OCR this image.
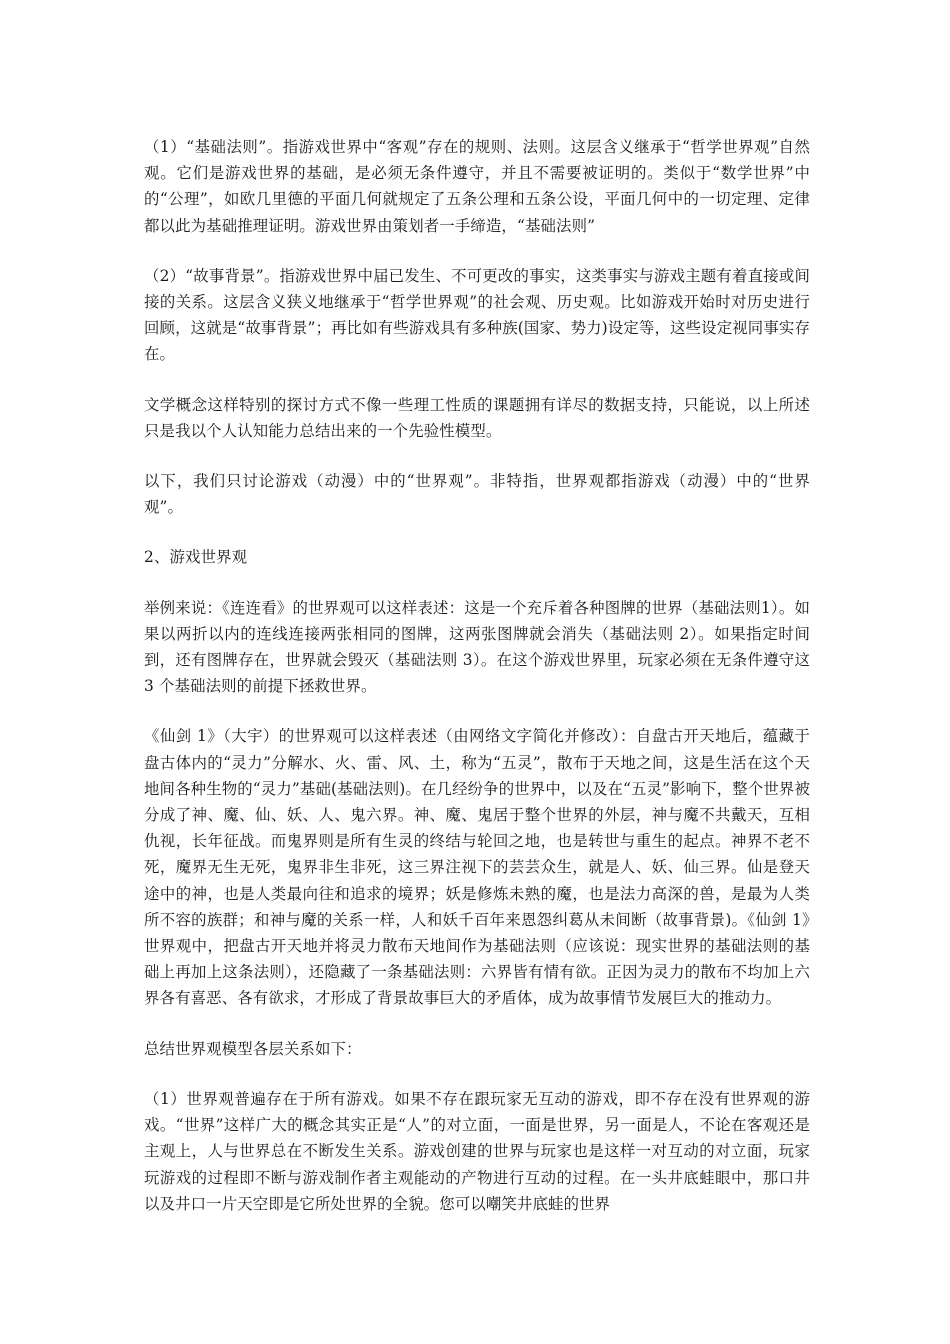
（1）“基础法则”。指游戏世界中“客观”存在的规则、法则。这层含义继承于“哲学世界观”自然观。它们是游戏世界的基础，是必须无条件遵守，并且不需要被证明的。类似于“数学世界”中的“公理”，如欧几里德的平面几何就规定了五条公理和五条公设，平面几何中的一切定理、定律都以此为基础推理证明。游戏世界由策划者一手缔造，“基础法则”

（2）“故事背景”。指游戏世界中届已发生、不可更改的事实，这类事实与游戏主题有着直接或间接的关系。这层含义狭义地继承于“哲学世界观”的社会观、历史观。比如游戏开始时对历史进行回顾，这就是“故事背景”；再比如有些游戏具有多种族(国家、势力)设定等，这些设定视同事实存在。

文学概念这样特别的探讨方式不像一些理工性质的课题拥有详尽的数据支持，只能说，以上所述只是我以个人认知能力总结出来的一个先验性模型。

以下，我们只讨论游戏（动漫）中的“世界观”。非特指，世界观都指游戏（动漫）中的“世界观”。

2、游戏世界观

举例来说：《连连看》的世界观可以这样表述：这是一个充斥着各种图牌的世界（基础法则1）。如果以两折以内的连线连接两张相同的图牌，这两张图牌就会消失（基础法则 2）。如果指定时间到，还有图牌存在，世界就会毁灭（基础法则 3）。在这个游戏世界里，玩家必须在无条件遵守这 3 个基础法则的前提下拯救世界。

《仙剑 1》（大宇）的世界观可以这样表述（由网络文字简化并修改）：自盘古开天地后，蕴藏于盘古体内的“灵力”分解水、火、雷、风、土，称为“五灵”，散布于天地之间，这是生活在这个天地间各种生物的“灵力”基础(基础法则)。在几经纷争的世界中，以及在“五灵”影响下，整个世界被分成了神、魔、仙、妖、人、鬼六界。神、魔、鬼居于整个世界的外层，神与魔不共戴天，互相仇视，长年征战。而鬼界则是所有生灵的终结与轮回之地，也是转世与重生的起点。神界不老不死，魔界无生无死，鬼界非生非死，这三界注视下的芸芸众生，就是人、妖、仙三界。仙是登天途中的神，也是人类最向往和追求的境界；妖是修炼未熟的魔，也是法力高深的兽，是最为人类所不容的族群；和神与魔的关系一样，人和妖千百年来恩怨纠葛从未间断（故事背景)。《仙剑 1》世界观中，把盘古开天地并将灵力散布天地间作为基础法则（应该说：现实世界的基础法则的基础上再加上这条法则），还隐藏了一条基础法则：六界皆有情有欲。正因为灵力的散布不均加上六界各有喜恶、各有欲求，才形成了背景故事巨大的矛盾体，成为故事情节发展巨大的推动力。

总结世界观模型各层关系如下：

（1）世界观普遍存在于所有游戏。如果不存在跟玩家无互动的游戏，即不存在没有世界观的游戏。“世界”这样广大的概念其实正是“人”的对立面，一面是世界，另一面是人，不论在客观还是主观上，人与世界总在不断发生关系。游戏创建的世界与玩家也是这样一对互动的对立面，玩家玩游戏的过程即不断与游戏制作者主观能动的产物进行互动的过程。在一头井底蛙眼中，那口井以及井口一片天空即是它所处世界的全貌。您可以嘲笑井底蛙的世界
